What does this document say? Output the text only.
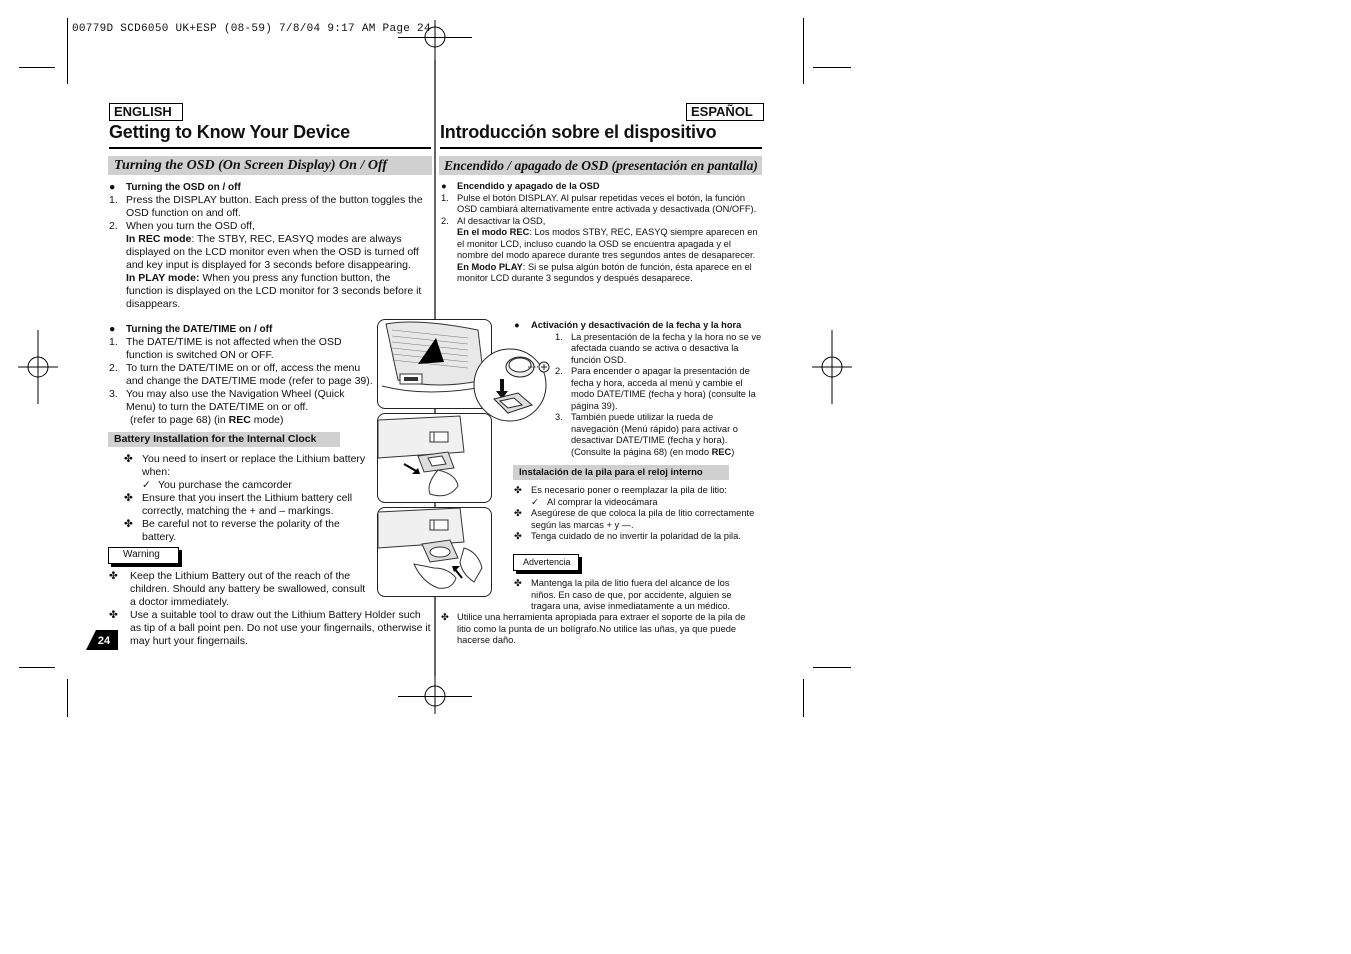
00779D SCD6050 UK+ESP (08-59) 7/8/04 9:17 AM Page 24
ENGLISH
Getting to Know Your Device
Turning the OSD (On Screen Display) On / Off
●	Turning the OSD on / off
1. Press the DISPLAY button. Each press of the button toggles the OSD function on and off.
2. When you turn the OSD off,
In REC mode: The STBY, REC, EASYQ modes are always displayed on the LCD monitor even when the OSD is turned off and key input is displayed for 3 seconds before disappearing.
In PLAY mode: When you press any function button, the function is displayed on the LCD monitor for 3 seconds before it disappears.
●	Turning the DATE/TIME on / off
1. The DATE/TIME is not affected when the OSD function is switched ON or OFF.
2. To turn the DATE/TIME on or off, access the menu and change the DATE/TIME mode (refer to page 39).
3. You may also use the Navigation Wheel (Quick Menu) to turn the DATE/TIME on or off.
(refer to page 68) (in REC mode)
Battery Installation for the Internal Clock
✤ You need to insert or replace the Lithium battery when:
✓ You purchase the camcorder
✤ Ensure that you insert the Lithium battery cell correctly, matching the + and – markings.
✤ Be careful not to reverse the polarity of the battery.
Warning
✤	Keep the Lithium Battery out of the reach of the children. Should any battery be swallowed, consult a doctor immediately.
✤	Use a suitable tool to draw out the Lithium Battery Holder such as tip of a ball point pen. Do not use your fingernails, otherwise it may hurt your fingernails.
24
ESPAÑOL
Introducción sobre el dispositivo
Encendido / apagado de OSD (presentación en pantalla)
●	Encendido y apagado de la OSD
1. Pulse el botón DISPLAY. Al pulsar repetidas veces el botón, la función OSD cambiará alternativamente entre activada y desactivada (ON/OFF).
2. Al desactivar la OSD,
En el modo REC: Los modos STBY, REC, EASYQ siempre aparecen en el monitor LCD, incluso cuando la OSD se encuentra apagada y el nombre del modo aparece durante tres segundos antes de desaparecer.
En Modo PLAY: Si se pulsa algún botón de función, ésta aparece en el monitor LCD durante 3 segundos y después desaparece.
●	Activación y desactivación de la fecha y la hora
1. La presentación de la fecha y la hora no se ve afectada cuando se activa o desactiva la función OSD.
2. Para encender o apagar la presentación de fecha y hora, acceda al menú y cambie el modo DATE/TIME (fecha y hora) (consulte la página 39).
3. También puede utilizar la rueda de navegación (Menú rápido) para activar o desactivar DATE/TIME (fecha y hora). (Consulte la página 68) (en modo REC)
Instalación de la pila para el reloj interno
✤ Es necesario poner o reemplazar la pila de litio:
✓ Al comprar la videocámara
✤ Asegúrese de que coloca la pila de litio correctamente según las marcas + y —.
✤ Tenga cuidado de no invertir la polaridad de la pila.
Advertencia
✤ Mantenga la pila de litio fuera del alcance de los niños. En caso de que, por accidente, alguien se tragara una, avise inmediatamente a un médico.
✤ Utilice una herramienta apropiada para extraer el soporte de la pila de litio como la punta de un bolígrafo.No utilice las uñas, ya que puede hacerse daño.
